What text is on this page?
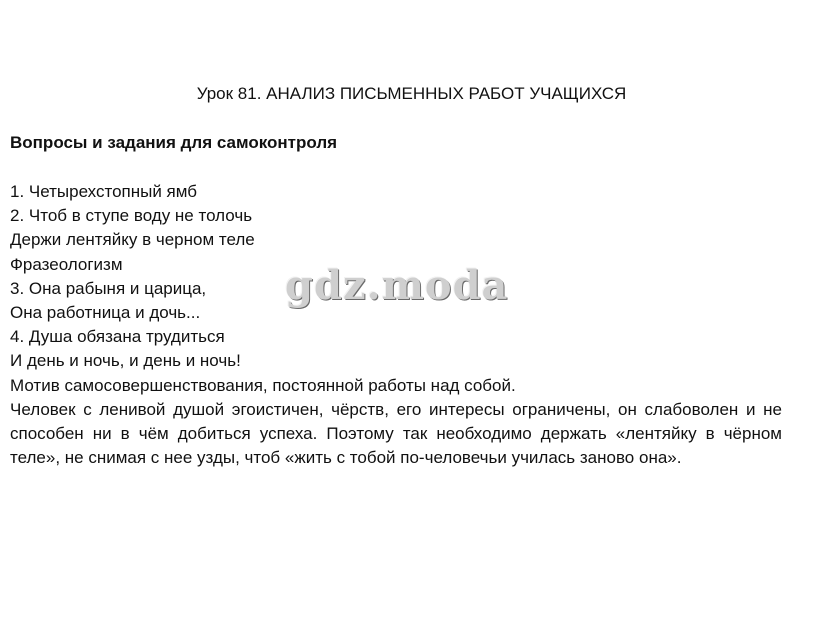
Урок 81. АНАЛИЗ ПИСЬМЕННЫХ РАБОТ УЧАЩИХСЯ
Вопросы и задания для самоконтроля
1. Четырехстопный ямб
2. Чтоб в ступе воду не толочь
Держи лентяйку в черном теле
Фразеологизм
3. Она рабыня и царица,
Она работница и дочь...
4. Душа обязана трудиться
И день и ночь, и день и ночь!
Мотив самосовершенствования, постоянной работы над собой.

Человек с ленивой душой эгоистичен, чёрств, его интересы ограничены, он слабоволен и не способен ни в чём добиться успеха. Поэтому так необходимо держать «лентяйку в чёрном теле», не снимая с нее узды, чтоб «жить с тобой по-человечьи училась заново она».

gdz.moda
